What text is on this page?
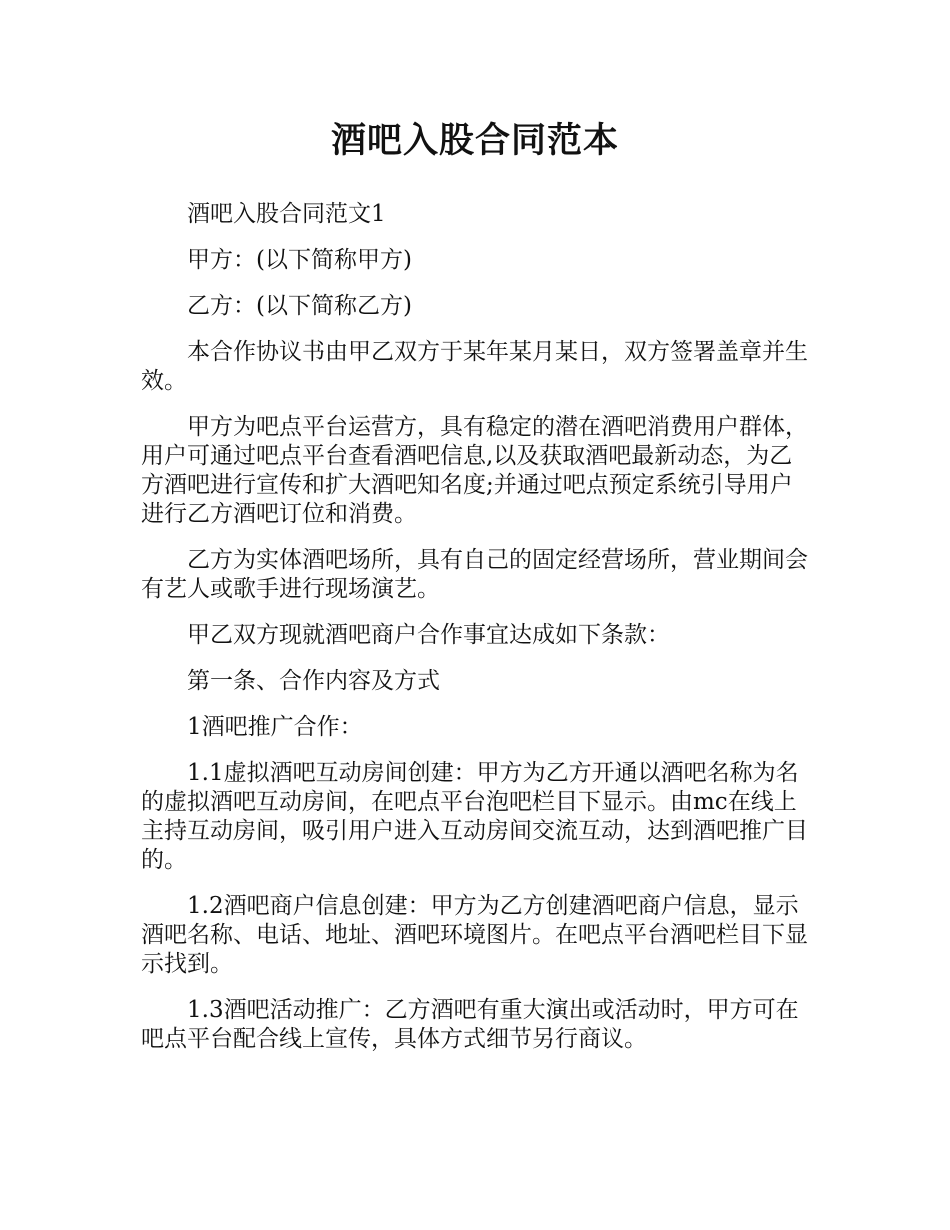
酒吧入股合同范本

酒吧入股合同范文1

甲方：(以下简称甲方)

乙方：(以下简称乙方)

本合作协议书由甲乙双方于某年某月某日，双方签署盖章并生效。

甲方为吧点平台运营方，具有稳定的潜在酒吧消费用户群体，用户可通过吧点平台查看酒吧信息,以及获取酒吧最新动态，为乙方酒吧进行宣传和扩大酒吧知名度;并通过吧点预定系统引导用户进行乙方酒吧订位和消费。

乙方为实体酒吧场所，具有自己的固定经营场所，营业期间会有艺人或歌手进行现场演艺。

甲乙双方现就酒吧商户合作事宜达成如下条款：

第一条、合作内容及方式

1酒吧推广合作：

1.1虚拟酒吧互动房间创建：甲方为乙方开通以酒吧名称为名的虚拟酒吧互动房间，在吧点平台泡吧栏目下显示。由mc在线上主持互动房间，吸引用户进入互动房间交流互动，达到酒吧推广目的。

1.2酒吧商户信息创建：甲方为乙方创建酒吧商户信息，显示酒吧名称、电话、地址、酒吧环境图片。在吧点平台酒吧栏目下显示找到。

1.3酒吧活动推广：乙方酒吧有重大演出或活动时，甲方可在吧点平台配合线上宣传，具体方式细节另行商议。
